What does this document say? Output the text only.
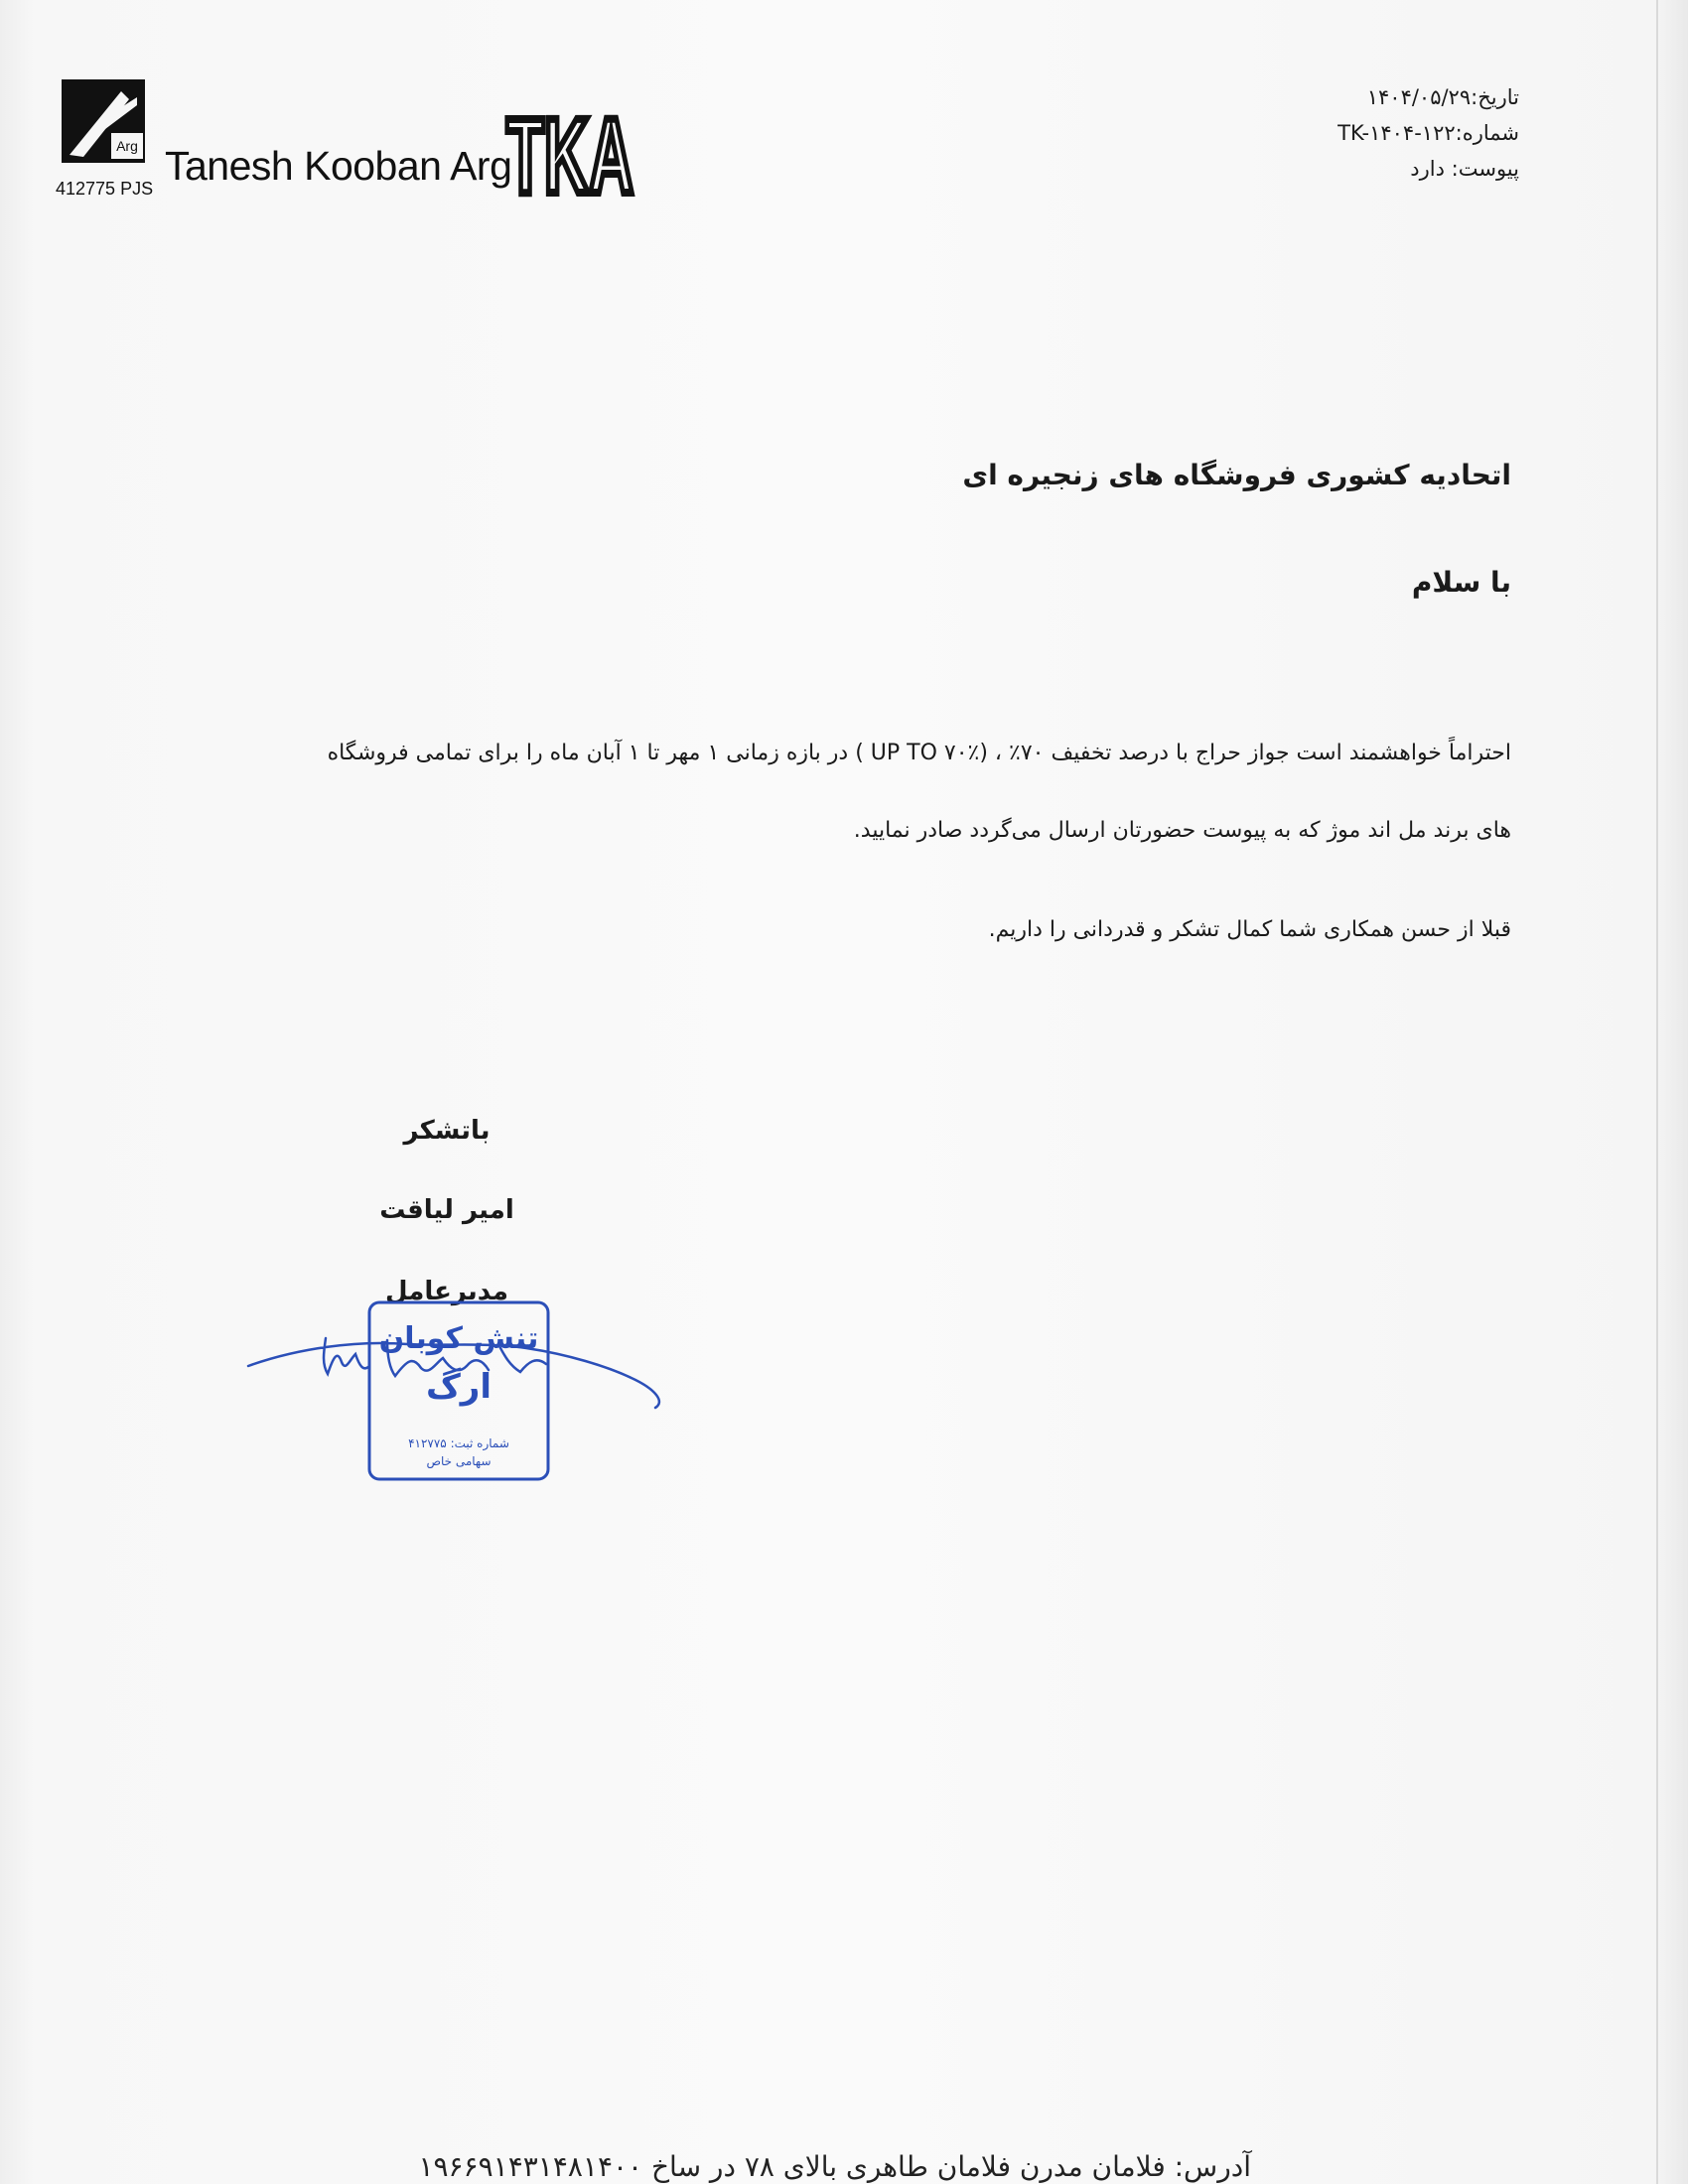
Arg
412775 PJS Tanesh Kooban Arg
TKA	تاریخ:۱۴۰۴/۰۵/۲۹
شماره:TK-۱۴۰۴-۱۲۲
پیوست: دارد
اتحادیه کشوری فروشگاه های زنجیره ای
با سلام
احتراماً خواهشمند است جواز حراج با درصد تخفیف ۷۰٪ ، (UP TO ۷۰٪ ) در بازه زمانی ۱ مهر تا ۱ آبان ماه را برای تمامی فروشگاه
های برند مل اند موژ که به پیوست حضورتان ارسال می‌گردد صادر نمایید.
قبلا از حسن همکاری شما کمال تشکر و قدردانی را داریم.
باتشکر
امیر لیاقت
مدیرعامل
تنش کوبان
ارگ
شماره ثبت: ۴۱۲۷۷۵
سهامی خاص
آدرس: فلامان مدرن فلامان طاهری بالای ۷۸ در ساخ ۱۹۶۶۹۱۴۳۱۴۸۱۴۰۰
